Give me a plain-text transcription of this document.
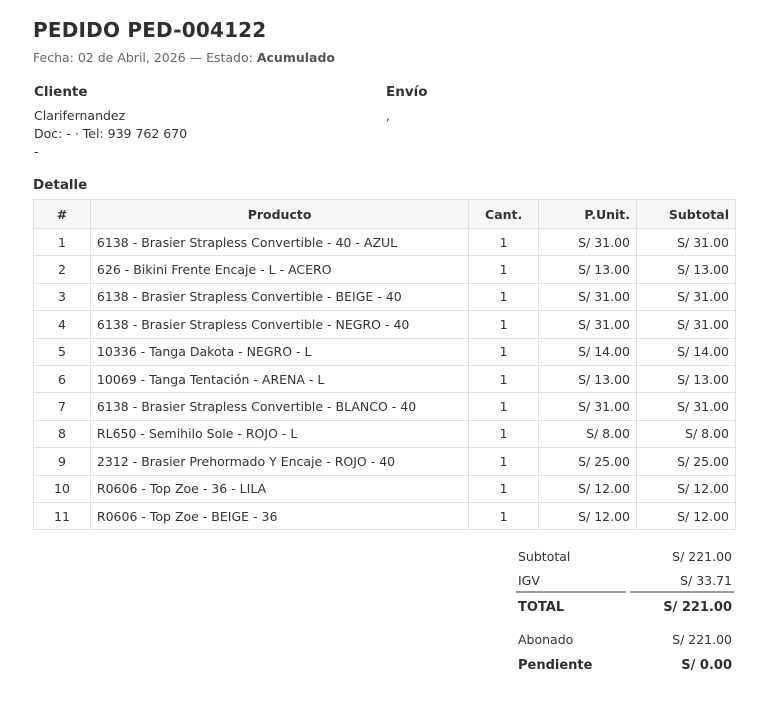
PEDIDO PED-004122
Fecha: 02 de Abril, 2026 — Estado: Acumulado
Cliente
Clarifernandez
Doc: - · Tel: 939 762 670
-
Envío
,
Detalle
#	Producto	Cant.	P.Unit.	Subtotal
1	6138 - Brasier Strapless Convertible - 40 - AZUL	1	S/ 31.00	S/ 31.00
2	626 - Bikini Frente Encaje - L - ACERO	1	S/ 13.00	S/ 13.00
3	6138 - Brasier Strapless Convertible - BEIGE - 40	1	S/ 31.00	S/ 31.00
4	6138 - Brasier Strapless Convertible - NEGRO - 40	1	S/ 31.00	S/ 31.00
5	10336 - Tanga Dakota - NEGRO - L	1	S/ 14.00	S/ 14.00
6	10069 - Tanga Tentación - ARENA - L	1	S/ 13.00	S/ 13.00
7	6138 - Brasier Strapless Convertible - BLANCO - 40	1	S/ 31.00	S/ 31.00
8	RL650 - Semihilo Sole - ROJO - L	1	S/ 8.00	S/ 8.00
9	2312 - Brasier Prehormado Y Encaje - ROJO - 40	1	S/ 25.00	S/ 25.00
10	R0606 - Top Zoe - 36 - LILA	1	S/ 12.00	S/ 12.00
11	R0606 - Top Zoe - BEIGE - 36	1	S/ 12.00	S/ 12.00
Subtotal	S/ 221.00
IGV	S/ 33.71
TOTAL	S/ 221.00
Abonado	S/ 221.00
Pendiente	S/ 0.00
